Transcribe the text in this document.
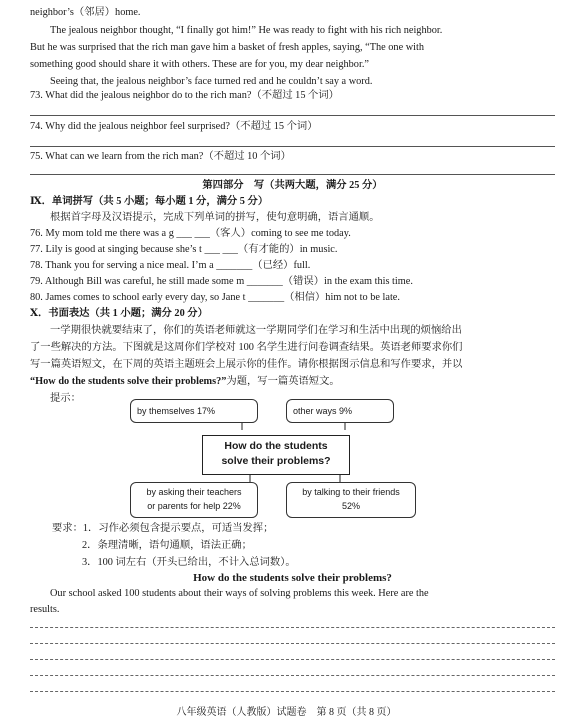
neighbor’s（邻居）home.
The jealous neighbor thought, “I finally got him!” He was ready to fight with his rich neighbor.
But he was surprised that the rich man gave him a basket of fresh apples, saying, “The one with
something good should share it with others. These are for you, my dear neighbor.”
Seeing that, the jealous neighbor’s face turned red and he couldn’t say a word.
73. What did the jealous neighbor do to the rich man?（不超过 15 个词）
74. Why did the jealous neighbor feel surprised?（不超过 15 个词）
75. What can we learn from the rich man?（不超过 10 个词）
第四部分　写（共两大题，满分 25 分）
Ⅸ．单词拼写（共 5 小题；每小题 1 分，满分 5 分）
根据首字母及汉语提示，完成下列单词的拼写，使句意明确，语言通顺。
76. My mom told me there was a g ___ ___（客人）coming to see me today.
77. Lily is good at singing because she’s t ___ ___（有才能的）in music.
78. Thank you for serving a nice meal. I’m a _______（已经）full.
79. Although Bill was careful, he still made some m _______（错误）in the exam this time.
80. James comes to school early every day, so Jane t _______（相信）him not to be late.
Ⅹ．书面表达（共 1 小题；满分 20 分）
一学期很快就要结束了，你们的英语老师就这一学期同学们在学习和生活中出现的烦恼给出
了一些解决的方法。下图就是这周你们学校对 100 名学生进行问卷调查结果。英语老师要求你们
写一篇英语短文，在下周的英语主题班会上展示你的佳作。请你根据图示信息和写作要求，并以
“How do the students solve their problems?”为题，写一篇英语短文。
提示：
by themselves 17%	other ways 9%
How do the students
solve their problems?
by asking their teachers
or parents for help 22%
by talking to their friends
52%
要求：1．习作必须包含提示要点，可适当发挥；
2．条理清晰，语句通顺，语法正确；
3．100 词左右（开头已给出，不计入总词数）。
How do the students solve their problems?
Our school asked 100 students about their ways of solving problems this week. Here are the
results.
八年级英语（人教版）试题卷　第 8 页（共 8 页）
